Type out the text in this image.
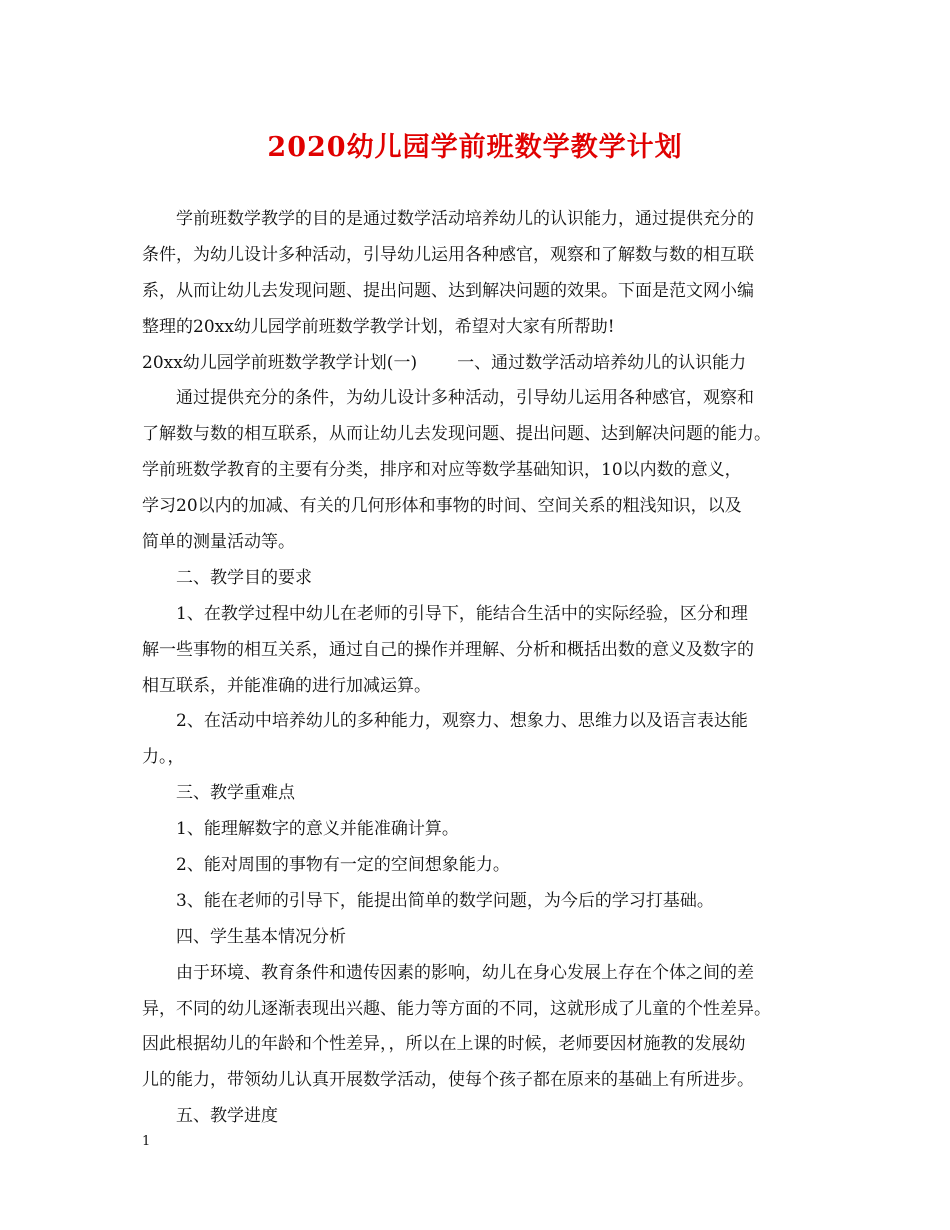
2020幼儿园学前班数学教学计划
学前班数学教学的目的是通过数学活动培养幼儿的认识能力，通过提供充分的
条件，为幼儿设计多种活动，引导幼儿运用各种感官，观察和了解数与数的相互联
系，从而让幼儿去发现问题、提出问题、达到解决问题的效果。下面是范文网小编
整理的20xx幼儿园学前班数学教学计划，希望对大家有所帮助!
20xx幼儿园学前班数学教学计划(一) 一、通过数学活动培养幼儿的认识能力
通过提供充分的条件，为幼儿设计多种活动，引导幼儿运用各种感官，观察和
了解数与数的相互联系，从而让幼儿去发现问题、提出问题、达到解决问题的能力。
学前班数学教育的主要有分类，排序和对应等数学基础知识，10以内数的意义，
学习20以内的加减、有关的几何形体和事物的时间、空间关系的粗浅知识，以及
简单的测量活动等。
二、教学目的要求
1、在教学过程中幼儿在老师的引导下，能结合生活中的实际经验，区分和理
解一些事物的相互关系，通过自己的操作并理解、分析和概括出数的意义及数字的
相互联系，并能准确的进行加减运算。
2、在活动中培养幼儿的多种能力，观察力、想象力、思维力以及语言表达能
力。，
三、教学重难点
1、能理解数字的意义并能准确计算。
2、能对周围的事物有一定的空间想象能力。
3、能在老师的引导下，能提出简单的数学问题，为今后的学习打基础。
四、学生基本情况分析
由于环境、教育条件和遗传因素的影响，幼儿在身心发展上存在个体之间的差
异，不同的幼儿逐渐表现出兴趣、能力等方面的不同，这就形成了儿童的个性差异。
因此根据幼儿的年龄和个性差异，，所以在上课的时候，老师要因材施教的发展幼
儿的能力，带领幼儿认真开展数学活动，使每个孩子都在原来的基础上有所进步。
五、教学进度
1
